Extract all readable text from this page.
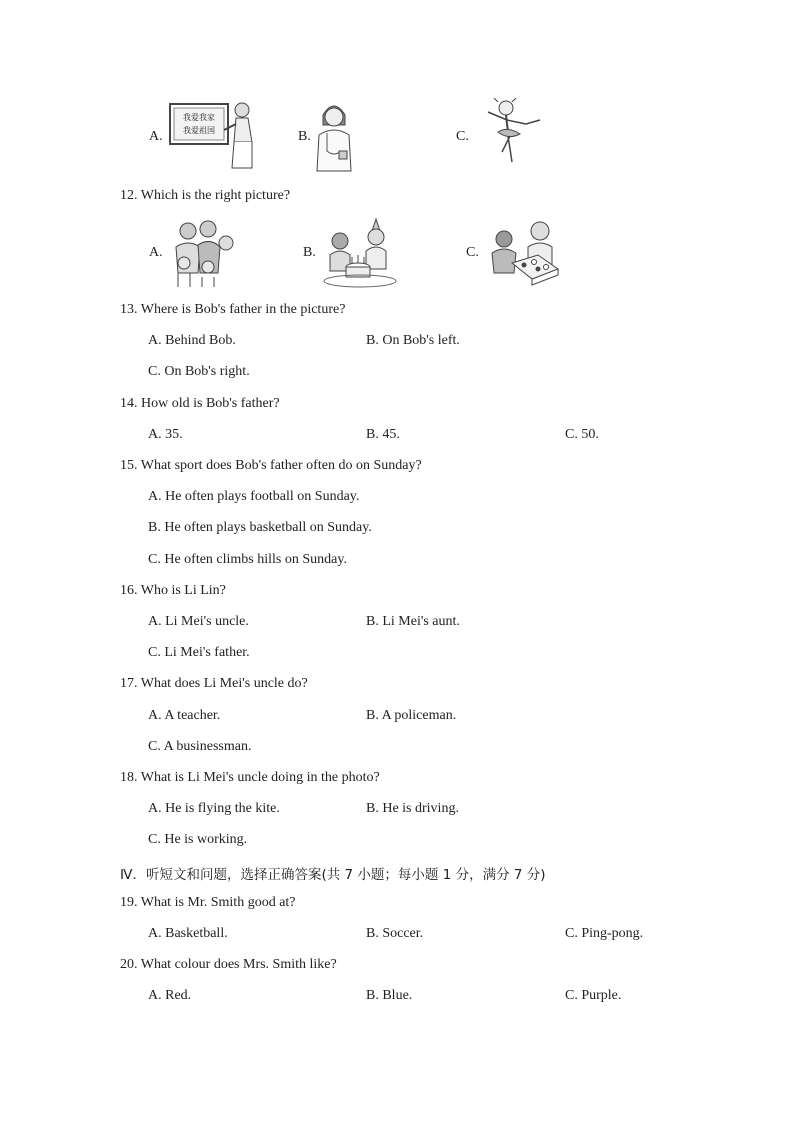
A.
我爱我家
我爱祖国	B.	C.
12. Which is the right picture?
A.	B.	C.
13. Where is Bob's father in the picture?
A. Behind Bob.	B. On Bob's left.
C. On Bob's right.
14. How old is Bob's father?
A. 35.	B. 45.	C. 50.
15. What sport does Bob's father often do on Sunday?
A. He often plays football on Sunday.
B. He often plays basketball on Sunday.
C. He often climbs hills on Sunday.
16. Who is Li Lin?
A. Li Mei's uncle.	B. Li Mei's aunt.
C. Li Mei's father.
17. What does Li Mei's uncle do?
A. A teacher.	B. A policeman.
C. A businessman.
18. What is Li Mei's uncle doing in the photo?
A. He is flying the kite.	B. He is driving.
C. He is working.
Ⅳ．听短文和问题，选择正确答案(共 7 小题；每小题 1 分，满分 7 分)
19. What is Mr. Smith good at?
A. Basketball.	B. Soccer.	C. Ping-pong.
20. What colour does Mrs. Smith like?
A. Red.	B. Blue.	C. Purple.
